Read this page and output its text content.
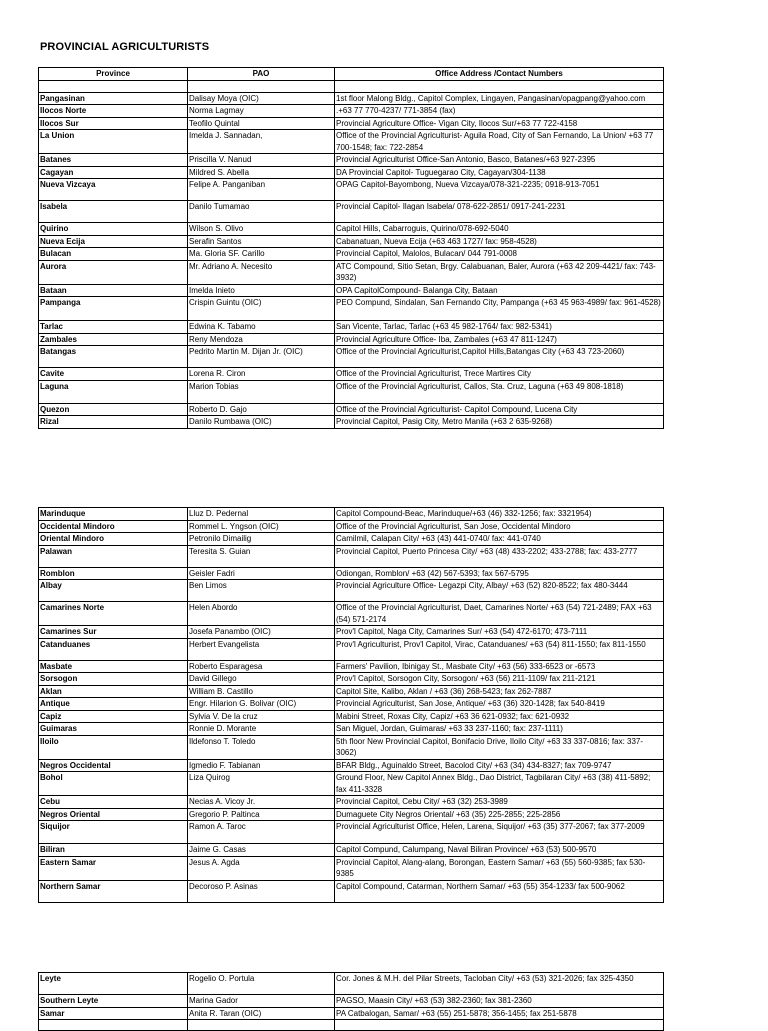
PROVINCIAL AGRICULTURISTS
Province	PAO	Office Address /Contact Numbers

Pangasinan	Dalisay Moya (OIC)	1st floor Malong Bldg., Capitol Complex, Lingayen, Pangasinan/opagpang@yahoo.com
Ilocos Norte	Norma Lagmay	.+63 77 770-4237/ 771-3854 (fax)
Ilocos Sur	Teofilo Quintal	Provincial Agriculture Office- Vigan City, Ilocos Sur/+63 77 722-4158
La Union	Imelda J. Sannadan,	Office of the Provincial Agriculturist- Aguila Road, City of San Fernando, La Union/ +63 77 700-1548; fax: 722-2854
Batanes	Priscilla V. Nanud	Provincial Agriculturist Office-San Antonio, Basco, Batanes/+63 927-2395
Cagayan	Mildred S. Abella	DA Provincial Capitol- Tuguegarao City, Cagayan/304-1138
Nueva Vizcaya	Felipe A. Panganiban	OPAG Capitol-Bayombong, Nueva Vizcaya/078-321-2235; 0918-913-7051
Isabela	Danilo Tumamao	Provincial Capitol- Ilagan Isabela/ 078-622-2851/ 0917-241-2231
Quirino	Wilson S. Olivo	Capitol Hills, Cabarroguis, Quirino/078-692-5040
Nueva Ecija	Serafin Santos	Cabanatuan, Nueva Ecija (+63 463 1727/ fax: 958-4528)
Bulacan	Ma. Gloria SF. Carillo	Provincial Capitol, Malolos, Bulacan/ 044 791-0008
Aurora	Mr. Adriano A. Necesito	ATC Compound, Sitio Setan, Brgy. Calabuanan, Baler, Aurora (+63 42 209-4421/ fax: 743-3932)
Bataan	Imelda Inieto	OPA CapitolCompound- Balanga City, Bataan
Pampanga	Crispin Guintu (OIC)	PEO Compund, Sindalan, San Fernando City, Pampanga (+63 45 963-4989/ fax: 961-4528)
Tarlac	Edwina K. Tabamo	San Vicente, Tarlac, Tarlac (+63 45 982-1764/ fax: 982-5341)
Zambales	Reny Mendoza	Provincial Agriculture Office- Iba, Zambales (+63 47 811-1247)
Batangas	Pedrito Martin M. Dijan Jr. (OIC)	Office of the Provincial Agriculturist,Capitol Hills,Batangas City (+63 43 723-2060)
Cavite	Lorena R. Ciron	Office of the Provincial Agriculturist, Trece Martires City
Laguna	Marion Tobias	Office of the Provincial Agriculturist, Callos, Sta. Cruz, Laguna (+63 49 808-1818)
Quezon	Roberto D. Gajo	Office of the Provincial Agriculturist- Capitol Compound, Lucena City
Rizal	Danilo Rumbawa (OIC)	Provincial Capitol, Pasig City, Metro Manila (+63 2 635-9268)
Marinduque	Lluz D. Pedernal	Capitol Compound-Beac, Marinduque/+63 (46) 332-1256; fax: 3321954)
Occidental Mindoro	Rommel L. Yngson (OIC)	Office of the Provincial Agriculturist, San Jose, Occidental Mindoro
Oriental Mindoro	Petronilo Dimailig	Camilmil, Calapan City/ +63 (43) 441-0740/ fax: 441-0740
Palawan	Teresita S. Guian	Provincial Capitol, Puerto Princesa City/ +63 (48) 433-2202; 433-2788; fax: 433-2777
Romblon	Geisler Fadri	Odiongan, Romblon/ +63 (42) 567-5393; fax 567-5795
Albay	Ben Limos	Provincial Agriculture Office- Legazpi City, Albay/ +63 (52) 820-8522; fax 480-3444
Camarines Norte	Helen Abordo	Office of the Provincial Agriculturist, Daet, Camarines Norte/ +63 (54) 721-2489; FAX +63 (54) 571-2174
Camarines Sur	Josefa Panambo (OIC)	Prov'l Capitol, Naga City, Camarines Sur/ +63 (54) 472-6170; 473-7111
Catanduanes	Herbert Evangelista	Prov'l Agriculturist, Prov'l Capitol, Virac, Catanduanes/ +63 (54) 811-1550; fax 811-1550
Masbate	Roberto Esparagesa	Farmers' Pavilion, Ibinigay St., Masbate City/ +63 (56) 333-6523 or -6573
Sorsogon	David Gillego	Prov'l Capitol, Sorsogon City, Sorsogon/ +63 (56) 211-1109/ fax 211-2121
Aklan	William B. Castillo	Capitol Site, Kalibo, Aklan / +63 (36) 268-5423; fax 262-7887
Antique	Engr. Hilarion G. Bolivar (OIC)	Provincial Agriculturist, San Jose, Antique/ +63 (36) 320-1428; fax 540-8419
Capiz	Sylvia V. De la cruz	Mabini Street, Roxas City, Capiz/ +63 36 621-0932; fax: 621-0932
Guimaras	Ronnie D. Morante	San Miguel, Jordan, Guimaras/ +63 33 237-1160; fax: 237-1111)
Iloilo	Ildefonso T. Toledo	5th floor New Provincial Capitol, Bonifacio Drive, Iloilo City/ +63 33 337-0816; fax: 337-3062)
Negros Occidental	Igmedio F. Tabianan	BFAR Bldg., Aguinaldo Street, Bacolod City/ +63 (34) 434-8327; fax 709-9747
Bohol	Liza Quirog	Ground Floor, New Capitol Annex Bldg., Dao District, Tagbilaran City/ +63 (38) 411-5892; fax 411-3328
Cebu	Necias A. Vicoy Jr.	Provincial Capitol, Cebu City/ +63 (32) 253-3989
Negros Oriental	Gregorio P. Paltinca	Dumaguete City Negros Oriental/ +63 (35) 225-2855; 225-2856
Siquijor	Ramon A. Taroc	Provincial Agriculturist Office, Helen, Larena, Siquijor/ +63 (35) 377-2067; fax 377-2009
Biliran	Jaime G. Casas	Capitol Compund, Calumpang, Naval Biliran Province/ +63 (53) 500-9570
Eastern Samar	Jesus A. Agda	Provincial Capitol, Alang-alang, Borongan, Eastern Samar/ +63 (55) 560-9385; fax 530-9385
Northern Samar	Decoroso P. Asinas	Capitol Compound, Catarman, Northern Samar/ +63 (55) 354-1233/ fax 500-9062
Leyte	Rogelio O. Portula	Cor. Jones & M.H. del Pilar Streets, Tacloban City/ +63 (53) 321-2026; fax 325-4350
Southern Leyte	Marina Gador	PAGSO, Maasin City/ +63 (53) 382-2360; fax 381-2360
Samar	Anita R. Taran (OIC)	PA Catbalogan, Samar/ +63 (55) 251-5878; 356-1455; fax 251-5878
